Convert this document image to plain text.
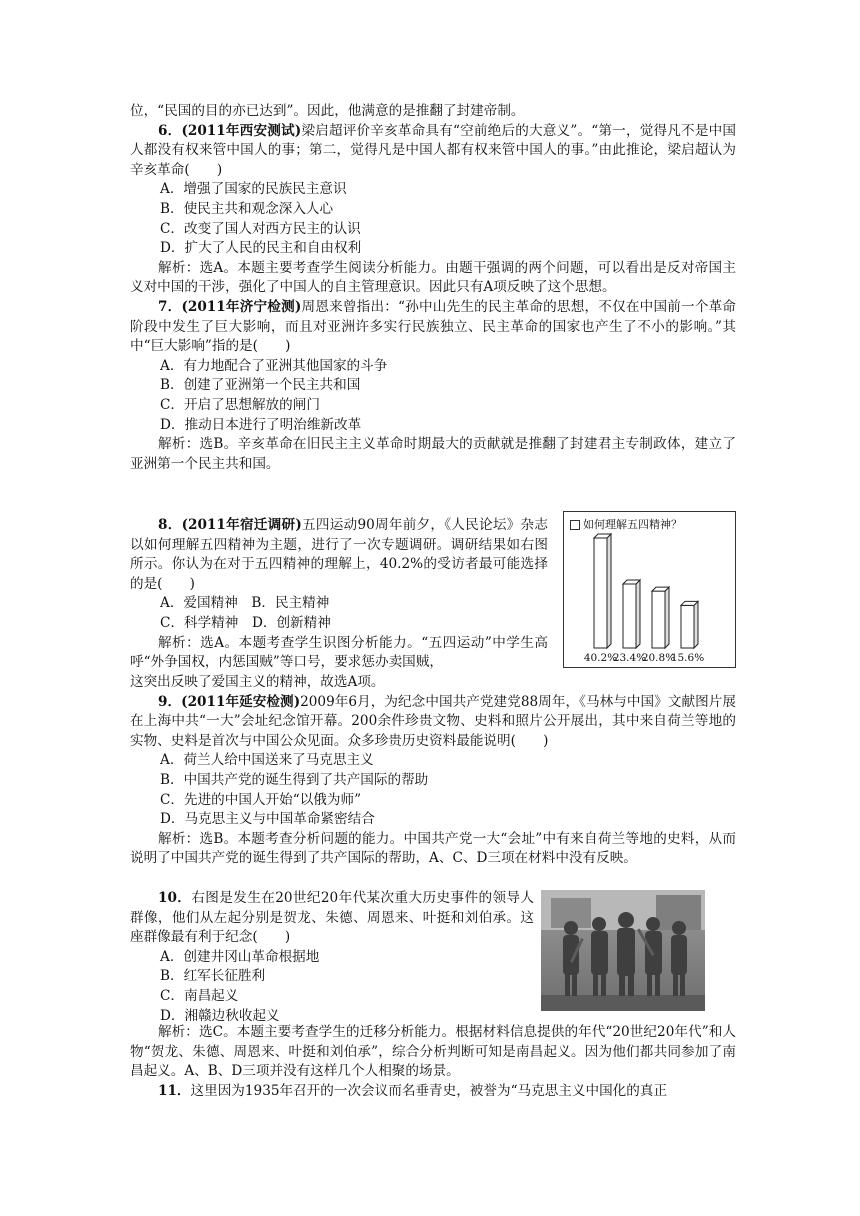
位，“民国的目的亦已达到”。因此，他满意的是推翻了封建帝制。

6．(2011年西安测试)梁启超评价辛亥革命具有“空前绝后的大意义”。“第一，觉得凡不是中国人都没有权来管中国人的事；第二，觉得凡是中国人都有权来管中国人的事。”由此推论，梁启超认为辛亥革命(　　)

A．增强了国家的民族民主意识

B．使民主共和观念深入人心

C．改变了国人对西方民主的认识

D．扩大了人民的民主和自由权利

解析：选A。本题主要考查学生阅读分析能力。由题干强调的两个问题，可以看出是反对帝国主义对中国的干涉，强化了中国人的自主管理意识。因此只有A项反映了这个思想。

7．(2011年济宁检测)周恩来曾指出：“孙中山先生的民主革命的思想，不仅在中国前一个革命阶段中发生了巨大影响，而且对亚洲许多实行民族独立、民主革命的国家也产生了不小的影响。”其中“巨大影响”指的是(　　)

A．有力地配合了亚洲其他国家的斗争

B．创建了亚洲第一个民主共和国

C．开启了思想解放的闸门

D．推动日本进行了明治维新改革

解析：选B。辛亥革命在旧民主主义革命时期最大的贡献就是推翻了封建君主专制政体，建立了亚洲第一个民主共和国。

8．(2011年宿迁调研)五四运动90周年前夕，《人民论坛》杂志以如何理解五四精神为主题，进行了一次专题调研。调研结果如右图所示。你认为在对于五四精神的理解上，40.2%的受访者最可能选择的是(　　)

A．爱国精神　B．民主精神

C．科学精神　D．创新精神

解析：选A。本题考查学生识图分析能力。“五四运动”中学生高呼“外争国权，内惩国贼”等口号，要求惩办卖国贼，

如何理解五四精神？
40.2%
23.4%
20.8%
15.6%

这突出反映了爱国主义的精神，故选A项。

9．(2011年延安检测)2009年6月，为纪念中国共产党建党88周年，《马林与中国》文献图片展在上海中共“一大”会址纪念馆开幕。200余件珍贵文物、史料和照片公开展出，其中来自荷兰等地的实物、史料是首次与中国公众见面。众多珍贵历史资料最能说明(　　)

A．荷兰人给中国送来了马克思主义

B．中国共产党的诞生得到了共产国际的帮助

C．先进的中国人开始“以俄为师”

D．马克思主义与中国革命紧密结合

解析：选B。本题考查分析问题的能力。中国共产党一大“会址”中有来自荷兰等地的史料，从而说明了中国共产党的诞生得到了共产国际的帮助，A、C、D三项在材料中没有反映。

10．右图是发生在20世纪20年代某次重大历史事件的领导人群像，他们从左起分别是贺龙、朱德、周恩来、叶挺和刘伯承。这座群像最有利于纪念(　　)

A．创建井冈山革命根据地

B．红军长征胜利

C．南昌起义

D．湘赣边秋收起义

解析：选C。本题主要考查学生的迁移分析能力。根据材料信息提供的年代“20世纪20年代”和人物“贺龙、朱德、周恩来、叶挺和刘伯承”，综合分析判断可知是南昌起义。因为他们都共同参加了南昌起义。A、B、D三项并没有这样几个人相聚的场景。

11．这里因为1935年召开的一次会议而名垂青史，被誉为“马克思主义中国化的真正
